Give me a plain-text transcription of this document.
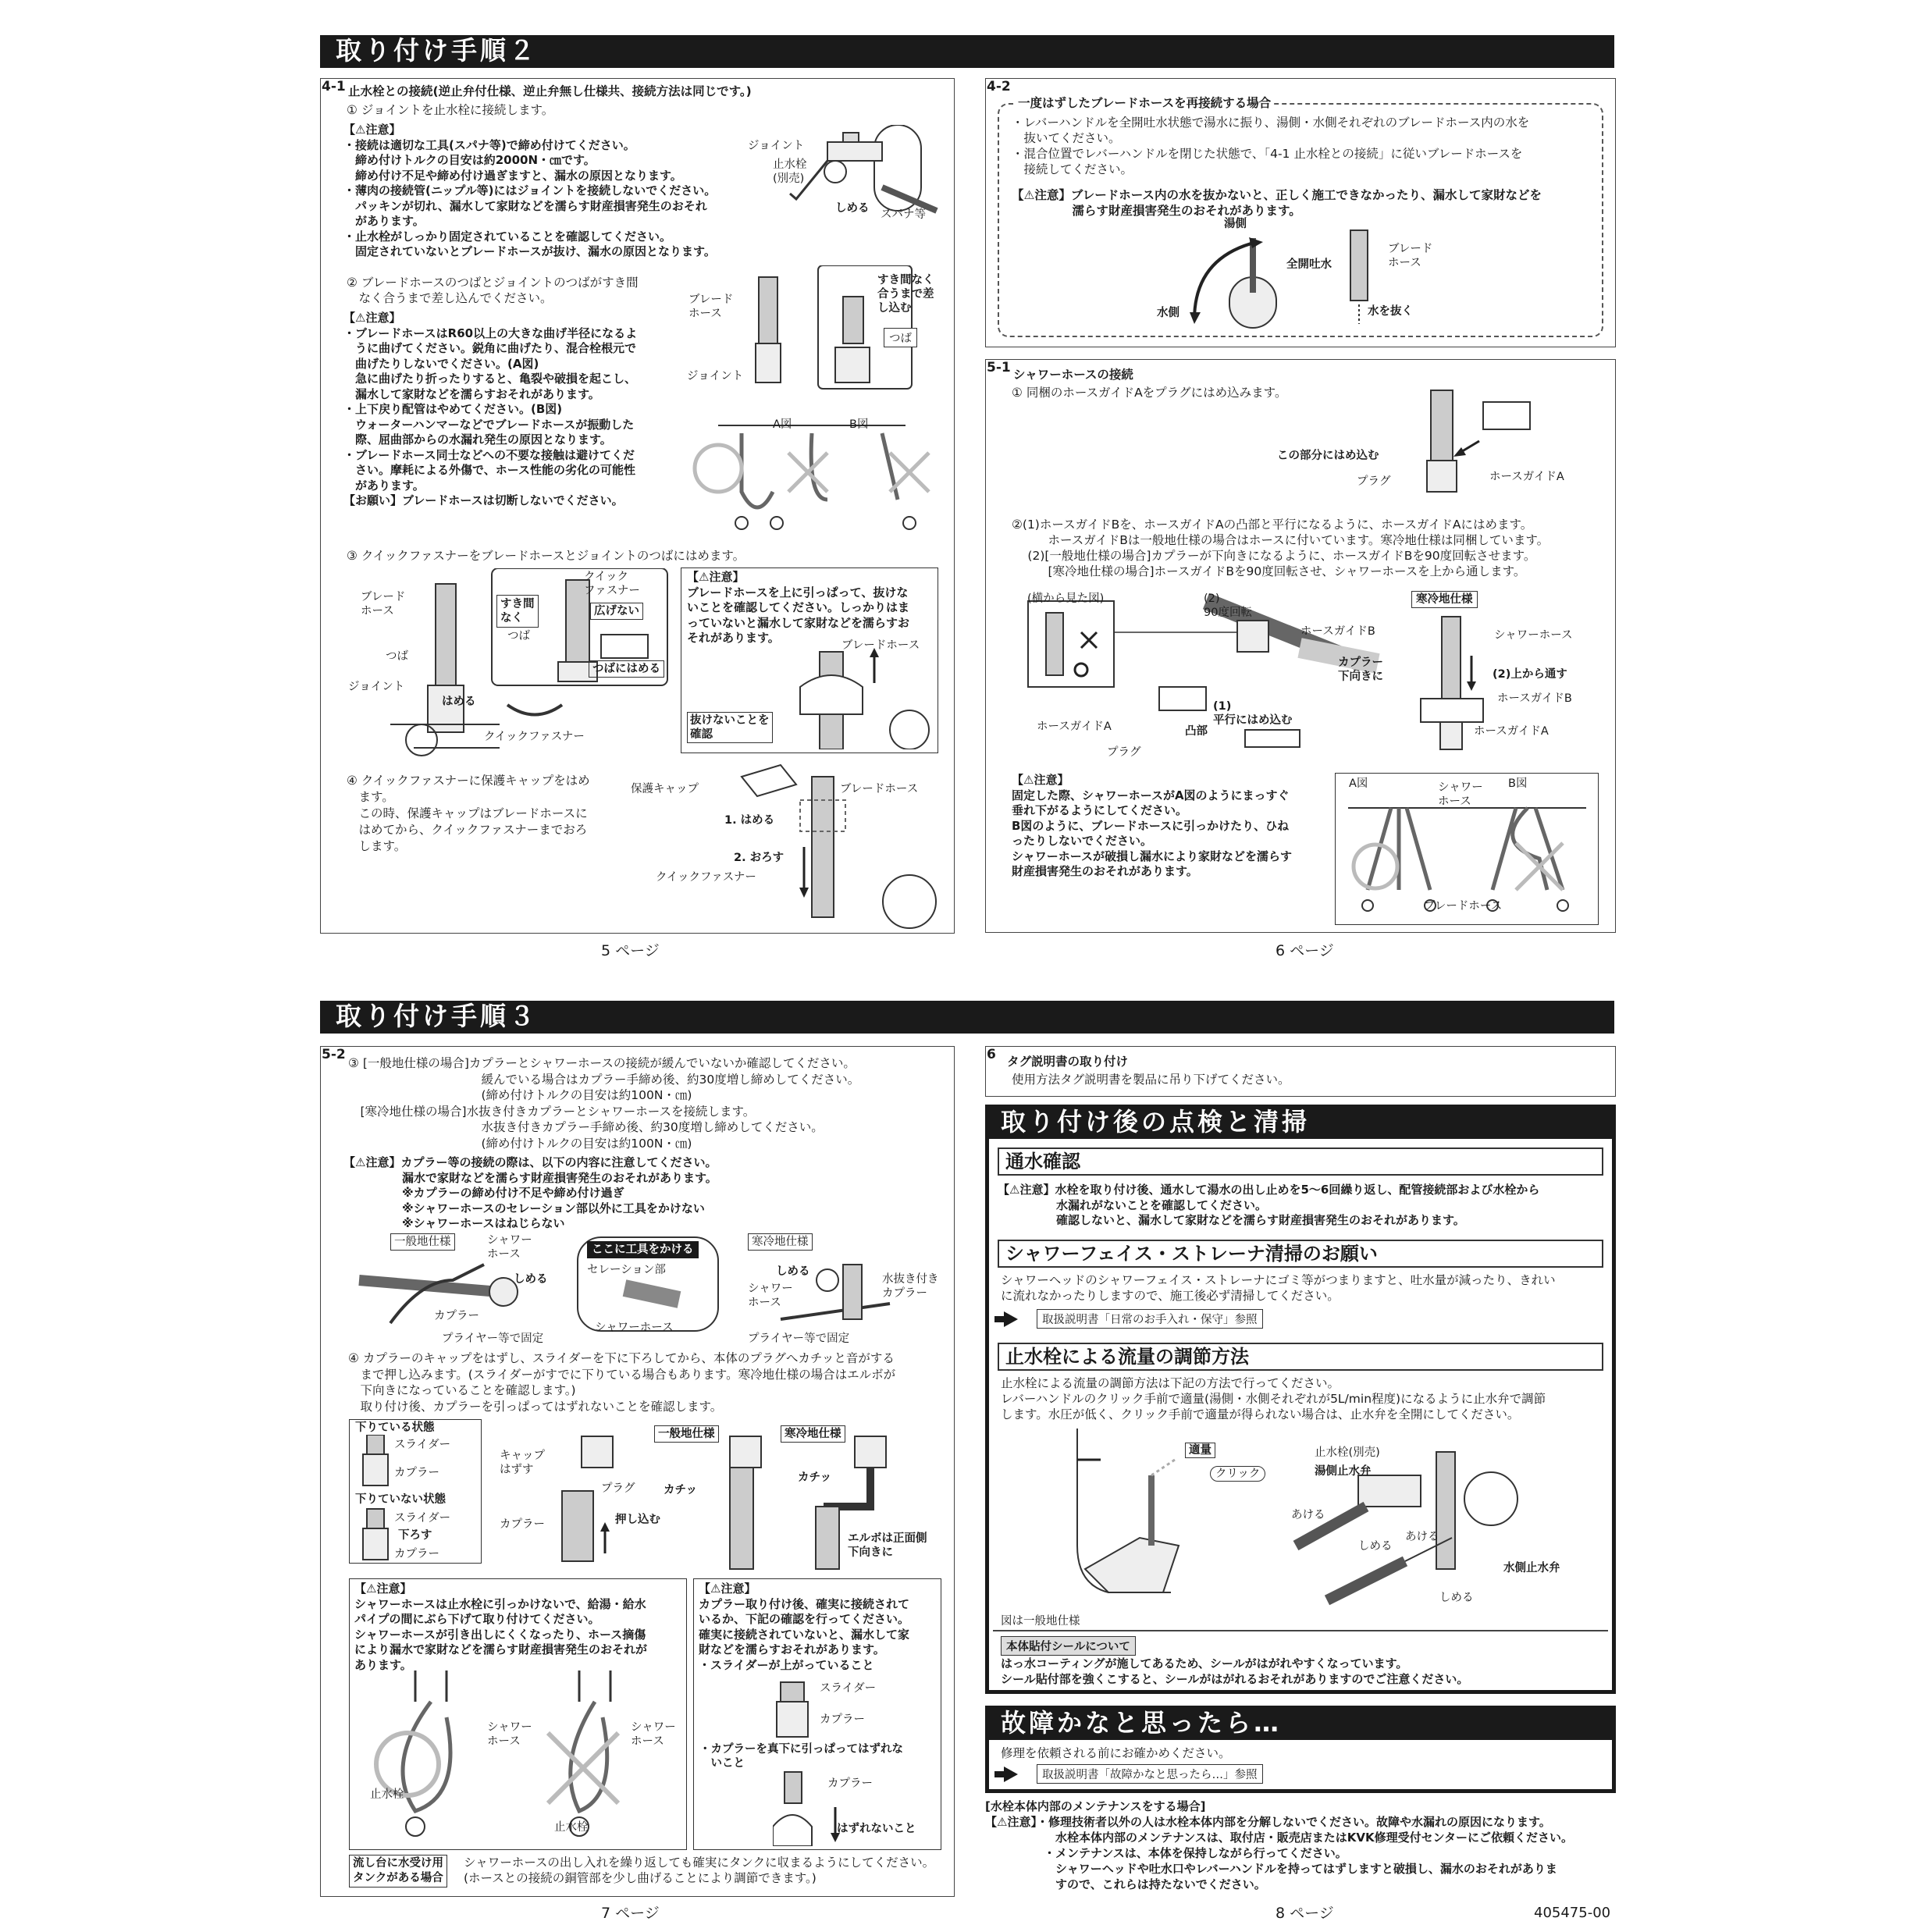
取り付け手順２
取り付け手順３
4-1 止水栓との接続(逆止弁付仕様、逆止弁無し仕様共、接続方法は同じです。)
① ジョイントを止水栓に接続します。
【⚠注意】
・接続は適切な工具(スパナ等)で締め付けてください。
　締め付けトルクの目安は約2000N・㎝です。
　締め付け不足や締め付け過ぎますと、漏水の原因となります。
・薄肉の接続管(ニップル等)にはジョイントを接続しないでください。
　パッキンが切れ、漏水して家財などを濡らす財産損害発生のおそれ
　があります。
・止水栓がしっかり固定されていることを確認してください。
　固定されていないとブレードホースが抜け、漏水の原因となります。
ジョイント
止水栓
(別売)
しめる スパナ等
② ブレードホースのつばとジョイントのつばがすき間
　なく合うまで差し込んでください。
【⚠注意】
・ブレードホースはR60以上の大きな曲げ半径になるよ
　うに曲げてください。鋭角に曲げたり、混合栓根元で
　曲げたりしないでください。(A図)
　急に曲げたり折ったりすると、亀裂や破損を起こし、
　漏水して家財などを濡らすおそれがあります。
・上下戻り配管はやめてください。(B図)
　ウォーターハンマーなどでブレードホースが振動した
　際、屈曲部からの水漏れ発生の原因となります。
・ブレードホース同士などへの不要な接触は避けてくだ
　さい。摩耗による外傷で、ホース性能の劣化の可能性
　があります。
【お願い】ブレードホースは切断しないでください。
ブレード
ホース
すき間なく
合うまで差
し込む
つば
ジョイント
A図	B図
③ クイックファスナーをブレードホースとジョイントのつばにはめます。
ブレード
ホース
クイック
ファスナー
すき間
なく
広げない
つば
つば
つばにはめる
ジョイント
はめる
クイックファスナー
【⚠注意】
ブレードホースを上に引っぱって、抜けな
いことを確認してください。しっかりはま
っていないと漏水して家財などを濡らすお
それがあります。
ブレードホース
抜けないことを
確認
④ クイックファスナーに保護キャップをはめ
　ます。
　この時、保護キャップはブレードホースに
　はめてから、クイックファスナーまでおろ
　します。
保護キャップ	ブレードホース
1. はめる
2. おろす
クイックファスナー
5 ページ
4-2
一度はずしたブレードホースを再接続する場合
・レバーハンドルを全開吐水状態で湯水に振り、湯側・水側それぞれのブレードホース内の水を
　抜いてください。
・混合位置でレバーハンドルを閉じた状態で、「4-1 止水栓との接続」に従いブレードホースを
　接続してください。
【⚠注意】ブレードホース内の水を抜かないと、正しく施工できなかったり、漏水して家財などを
　　　　　濡らす財産損害発生のおそれがあります。
湯側
全開吐水
水側
ブレード
ホース
水を抜く
5-1 シャワーホースの接続
① 同梱のホースガイドAをプラグにはめ込みます。
この部分にはめ込む
プラグ	ホースガイドA
②(1)ホースガイドBを、ホースガイドAの凸部と平行になるように、ホースガイドAにはめます。
　　　ホースガイドBは一般地仕様の場合はホースに付いています。寒冷地仕様は同梱しています。
　 (2)[一般地仕様の場合]カプラーが下向きになるように、ホースガイドBを90度回転させます。
　　　[寒冷地仕様の場合]ホースガイドBを90度回転させ、シャワーホースを上から通します。
(横から見た図)	(2)
90度回転
ホースガイドB
カプラー
下向きに
(1)
平行にはめ込む
凸部
ホースガイドA
プラグ
寒冷地仕様
シャワーホース
(2)上から通す
ホースガイドB
ホースガイドA
【⚠注意】
固定した際、シャワーホースがA図のようにまっすぐ
垂れ下がるようにしてください。
B図のように、ブレードホースに引っかけたり、ひね
ったりしないでください。
シャワーホースが破損し漏水により家財などを濡らす
財産損害発生のおそれがあります。
A図	シャワー
ホース
B図
ブレードホース
6 ページ
5-2
③ [一般地仕様の場合]カプラーとシャワーホースの接続が緩んでいないか確認してください。
　　　　　　　　　　　緩んでいる場合はカプラー手締め後、約30度増し締めしてください。
　　　　　　　　　　　(締め付けトルクの目安は約100N・㎝)
　[寒冷地仕様の場合]水抜き付きカプラーとシャワーホースを接続します。
　　　　　　　　　　　水抜き付きカプラー手締め後、約30度増し締めしてください。
　　　　　　　　　　　(締め付けトルクの目安は約100N・㎝)
【⚠注意】カプラー等の接続の際は、以下の内容に注意してください。
　　　　　漏水で家財などを濡らす財産損害発生のおそれがあります。
　　　　　※カプラーの締め付け不足や締め付け過ぎ
　　　　　※シャワーホースのセレーション部以外に工具をかけない
　　　　　※シャワーホースはねじらない
一般地仕様	シャワー
ホース
しめる
カプラー
プライヤー等で固定
ここに工具をかける
セレーション部
シャワーホース
寒冷地仕様
しめる
シャワー
ホース
水抜き付き
カプラー
プライヤー等で固定
④ カプラーのキャップをはずし、スライダーを下に下ろしてから、本体のプラグへカチッと音がする
　まで押し込みます。(スライダーがすでに下りている場合もあります。寒冷地仕様の場合はエルボが
　下向きになっていることを確認します。)
　取り付け後、カプラーを引っぱってはずれないことを確認します。
下りている状態
スライダー
カプラー
下りていない状態
スライダー
下ろす
カプラー
キャップ
はずす
プラグ
カプラー	押し込む
一般地仕様
カチッ
寒冷地仕様
カチッ
エルボは正面側
下向きに
【⚠注意】
シャワーホースは止水栓に引っかけないで、給湯・給水
パイプの間にぶら下げて取り付けてください。
シャワーホースが引き出しにくくなったり、ホース摘傷
により漏水で家財などを濡らす財産損害発生のおそれが
あります。
シャワー
ホース
シャワー
ホース
止水栓
止水栓
【⚠注意】
カプラー取り付け後、確実に接続されて
いるか、下記の確認を行ってください。
確実に接続されていないと、漏水して家
財などを濡らすおそれがあります。
・スライダーが上がっていること
スライダー
カプラー
・カプラーを真下に引っぱってはずれな
　いこと
カプラー
はずれないこと
流し台に水受け用
タンクがある場合
シャワーホースの出し入れを繰り返しても確実にタンクに収まるようにしてください。
(ホースとの接続の銅管部を少し曲げることにより調節できます。)
7 ページ
6 タグ説明書の取り付け
使用方法タグ説明書を製品に吊り下げてください。
取り付け後の点検と清掃
通水確認
【⚠注意】水栓を取り付け後、通水して湯水の出し止めを5～6回繰り返し、配管接続部および水栓から
　　　　　水漏れがないことを確認してください。
　　　　　確認しないと、漏水して家財などを濡らす財産損害発生のおそれがあります。
シャワーフェイス・ストレーナ清掃のお願い
シャワーヘッドのシャワーフェイス・ストレーナにゴミ等がつまりますと、吐水量が減ったり、きれい
に流れなかったりしますので、施工後必ず清掃してください。
取扱説明書「日常のお手入れ・保守」参照
止水栓による流量の調節方法
止水栓による流量の調節方法は下記の方法で行ってください。
レバーハンドルのクリック手前で適量(湯側・水側それぞれが5L/min程度)になるように止水弁で調節
します。水圧が低く、クリック手前で適量が得られない場合は、止水弁を全開にしてください。
適量
クリック
止水栓(別売)
湯側止水弁
あける
しめる
あける
水側止水弁
しめる
図は一般地仕様
本体貼付シールについて
はっ水コーティングが施してあるため、シールがはがれやすくなっています。
シール貼付部を強くこすると、シールがはがれるおそれがありますのでご注意ください。
故障かなと思ったら…
修理を依頼される前にお確かめください。
取扱説明書「故障かなと思ったら…」参照
[水栓本体内部のメンテナンスをする場合]
【⚠注意】・修理技術者以外の人は水栓本体内部を分解しないでください。故障や水漏れの原因になります。
　　　　　　水栓本体内部のメンテナンスは、取付店・販売店またはKVK修理受付センターにご依頼ください。
　　　　　・メンテナンスは、本体を保持しながら行ってください。
　　　　　　シャワーヘッドや吐水口やレバーハンドルを持ってはずしますと破損し、漏水のおそれがありま
　　　　　　すので、これらは持たないでください。
8 ページ	405475-00
